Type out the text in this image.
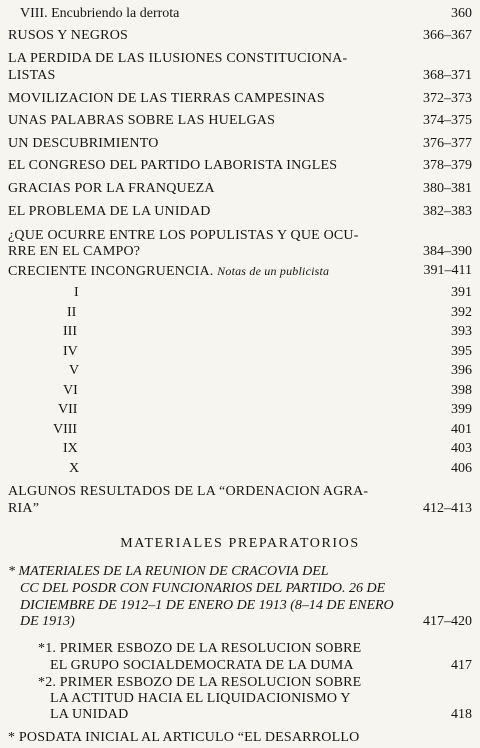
VIII. Encubriendo la derrota	360
RUSOS Y NEGROS	366–367
LA PERDIDA DE LAS ILUSIONES CONSTITUCIONA-
LISTAS	368–371
MOVILIZACION DE LAS TIERRAS CAMPESINAS	372–373
UNAS PALABRAS SOBRE LAS HUELGAS	374–375
UN DESCUBRIMIENTO	376–377
EL CONGRESO DEL PARTIDO LABORISTA INGLES	378–379
GRACIAS POR LA FRANQUEZA	380–381
EL PROBLEMA DE LA UNIDAD	382–383
¿QUE OCURRE ENTRE LOS POPULISTAS Y QUE OCU-
RRE EN EL CAMPO?	384–390
CRECIENTE INCONGRUENCIA. Notas de un publicista	391–411
I	391
II	392
III	393
IV	395
V	396
VI	398
VII	399
VIII	401
IX	403
X	406
ALGUNOS RESULTADOS DE LA “ORDENACION AGRA-
RIA”	412–413
MATERIALES PREPARATORIOS
* MATERIALES DE LA REUNION DE CRACOVIA DEL
CC DEL POSDR CON FUNCIONARIOS DEL PARTIDO. 26 DE
DICIEMBRE DE 1912–1 DE ENERO DE 1913 (8–14 DE ENERO
DE 1913)	417–420
*1. PRIMER ESBOZO DE LA RESOLUCION SOBRE
EL GRUPO SOCIALDEMOCRATA DE LA DUMA	417
*2. PRIMER ESBOZO DE LA RESOLUCION SOBRE
LA ACTITUD HACIA EL LIQUIDACIONISMO Y
LA UNIDAD	418
* POSDATA INICIAL AL ARTICULO “EL DESARROLLO
